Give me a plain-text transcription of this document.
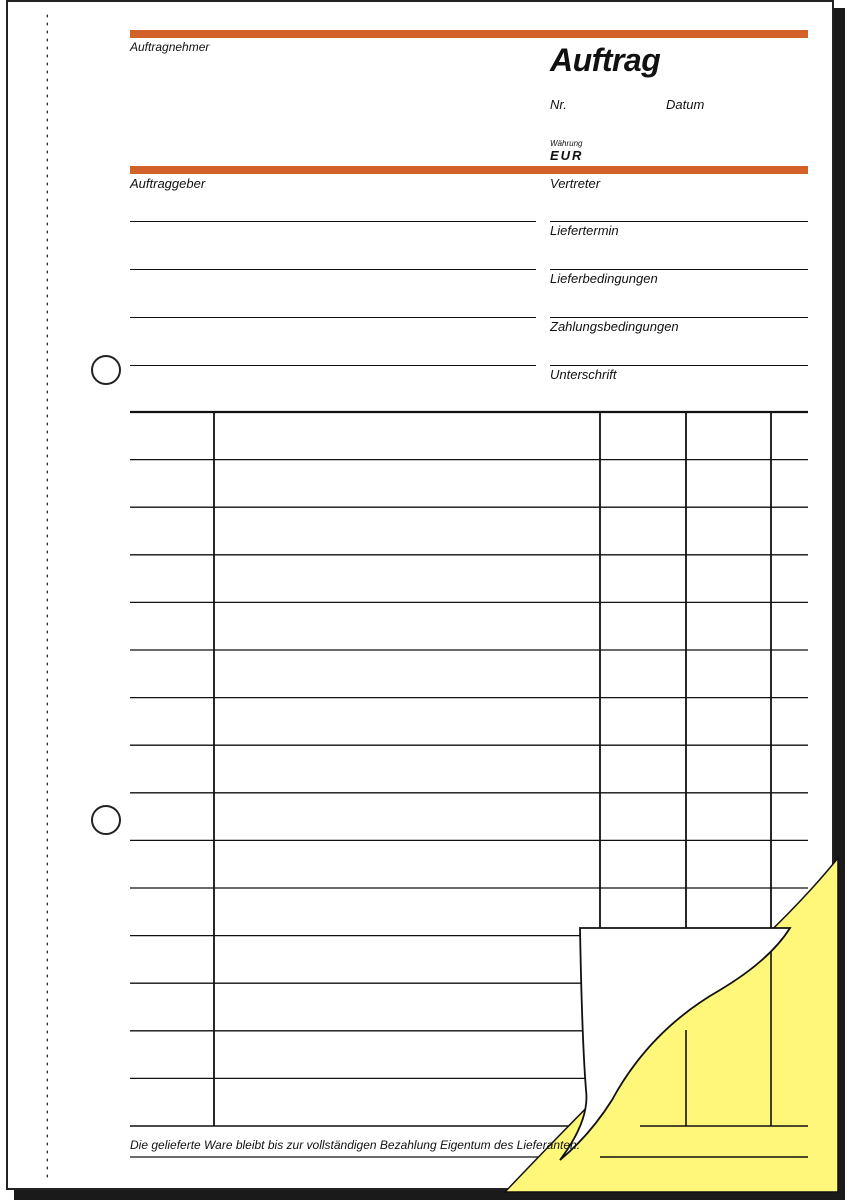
Auftragnehmer	Auftrag
Nr.	Datum
Währung
EUR
Auftraggeber	Vertreter
Liefertermin
Lieferbedingungen
Zahlungsbedingungen
Unterschrift
Die gelieferte Ware bleibt bis zur vollständigen Bezahlung Eigentum des Lieferanten.
